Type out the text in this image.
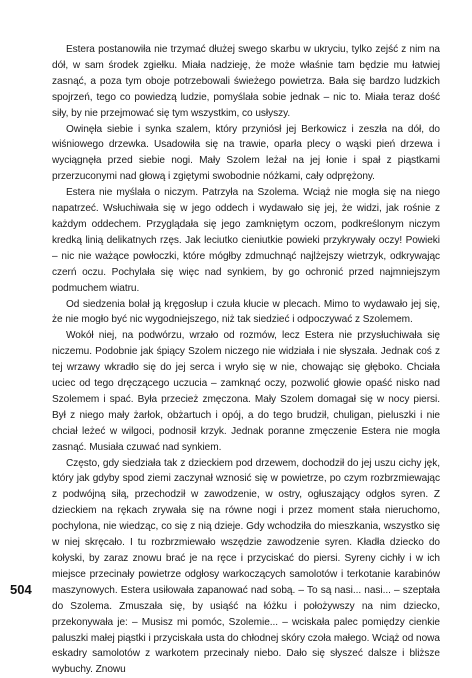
Estera postanowiła nie trzymać dłużej swego skarbu w ukryciu, tylko zejść z nim na dół, w sam środek zgiełku. Miała nadzieję, że może właśnie tam będzie mu łatwiej zasnąć, a poza tym oboje potrzebowali świeżego powietrza. Bała się bardzo ludzkich spojrzeń, tego co powiedzą ludzie, pomyślała sobie jednak – nic to. Miała teraz dość siły, by nie przejmować się tym wszystkim, co usłyszy.

Owinęła siebie i synka szalem, który przyniósł jej Berkowicz i zeszła na dół, do wiśniowego drzewka. Usadowiła się na trawie, oparła plecy o wąski pień drzewa i wyciągnęła przed siebie nogi. Mały Szolem leżał na jej łonie i spał z piąstkami przerzuconymi nad głową i zgiętymi swobodnie nóżkami, cały odprężony.

Estera nie myślała o niczym. Patrzyła na Szolema. Wciąż nie mogła się na niego napatrzeć. Wsłuchiwała się w jego oddech i wydawało się jej, że widzi, jak rośnie z każdym oddechem. Przyglądała się jego zamkniętym oczom, podkreślonym niczym kredką linią delikatnych rzęs. Jak leciutko cieniutkie powieki przykrywały oczy! Powieki – nic nie ważące powłoczki, które mógłby zdmuchnąć najlżejszy wietrzyk, odkrywając czerń oczu. Pochylała się więc nad synkiem, by go ochronić przed najmniejszym podmuchem wiatru.

Od siedzenia bolał ją kręgosłup i czuła kłucie w plecach. Mimo to wydawało jej się, że nie mogło być nic wygodniejszego, niż tak siedzieć i odpoczywać z Szolemem.

Wokół niej, na podwórzu, wrzało od rozmów, lecz Estera nie przysłuchiwała się niczemu. Podobnie jak śpiący Szolem niczego nie widziała i nie słyszała. Jednak coś z tej wrzawy wkradło się do jej serca i wryło się w nie, chowając się głęboko. Chciała uciec od tego dręczącego uczucia – zamknąć oczy, pozwolić głowie opaść nisko nad Szolemem i spać. Była przecież zmęczona. Mały Szolem domagał się w nocy piersi. Był z niego mały żarłok, obżartuch i opój, a do tego brudził, chuligan, pieluszki i nie chciał leżeć w wilgoci, podnosił krzyk. Jednak poranne zmęczenie Estera nie mogła zasnąć. Musiała czuwać nad synkiem.

Często, gdy siedziała tak z dzieckiem pod drzewem, dochodził do jej uszu cichy jęk, który jak gdyby spod ziemi zaczynał wznosić się w powietrze, po czym rozbrzmiewając z podwójną siłą, przechodził w zawodzenie, w ostry, ogłuszający odgłos syren. Z dzieckiem na rękach zrywała się na równe nogi i przez moment stała nieruchomo, pochylona, nie wiedząc, co się z nią dzieje. Gdy wchodziła do mieszkania, wszystko się w niej skręcało. I tu rozbrzmiewało wszędzie zawodzenie syren. Kładła dziecko do kołyski, by zaraz znowu brać je na ręce i przyciskać do piersi. Syreny cichły i w ich miejsce przecinały powietrze odgłosy warkoczących samolotów i terkotanie karabinów maszynowych. Estera usiłowała zapanować nad sobą. – To są nasi... nasi... – szeptała do Szolema. Zmuszała się, by usiąść na łóżku i położywszy na nim dziecko, przekonywała je: – Musisz mi pomóc, Szolemie... – wciskała palec pomiędzy cienkie paluszki małej piąstki i przyciskała usta do chłodnej skóry czoła małego. Wciąż od nowa eskadry samolotów z warkotem przecinały niebo. Dało się słyszeć dalsze i bliższe wybuchy. Znowu

504
